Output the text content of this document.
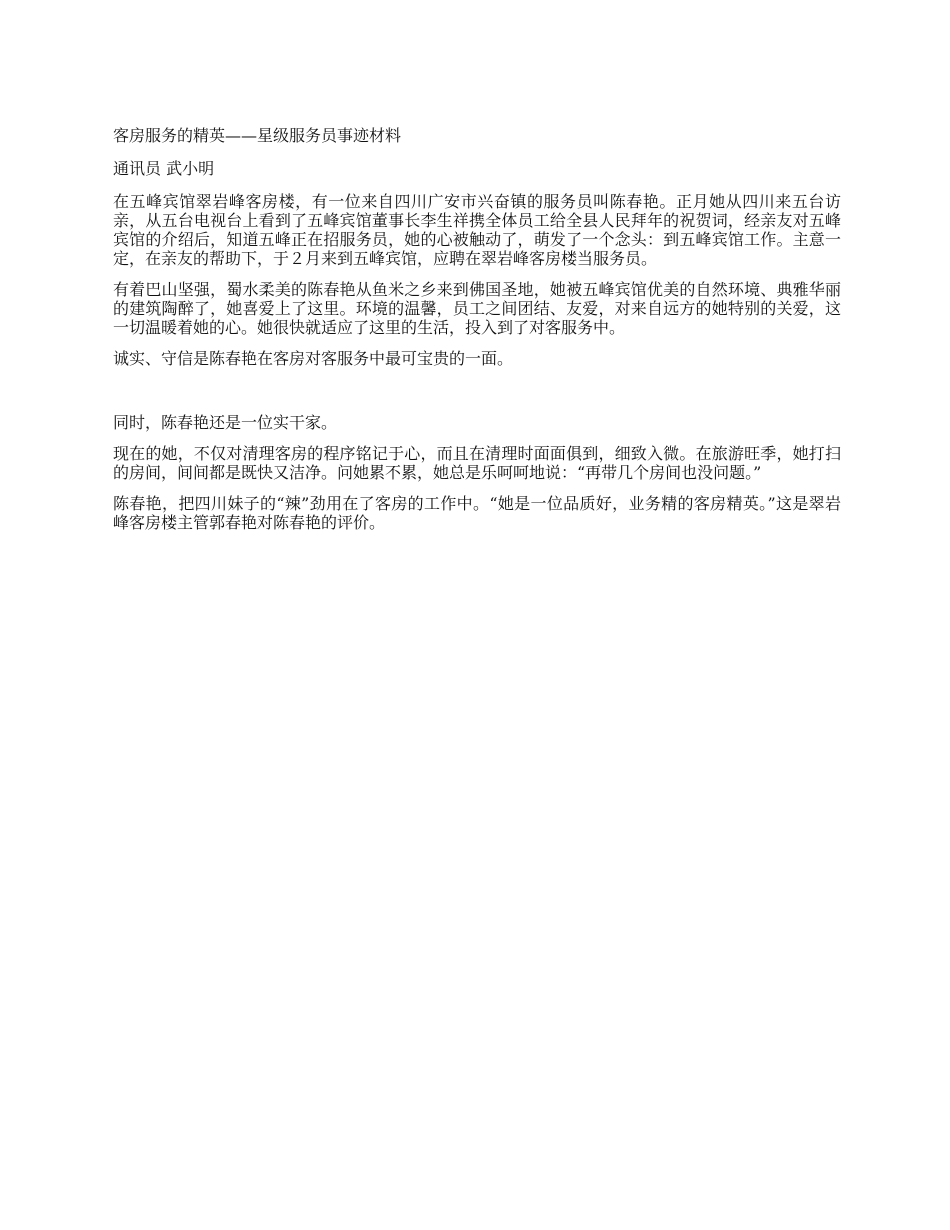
客房服务的精英——星级服务员事迹材料

通讯员 武小明

在五峰宾馆翠岩峰客房楼，有一位来自四川广安市兴奋镇的服务员叫陈春艳。正月她从四川来五台访亲，从五台电视台上看到了五峰宾馆董事长李生祥携全体员工给全县人民拜年的祝贺词，经亲友对五峰宾馆的介绍后，知道五峰正在招服务员，她的心被触动了，萌发了一个念头：到五峰宾馆工作。主意一定，在亲友的帮助下，于２月来到五峰宾馆，应聘在翠岩峰客房楼当服务员。

有着巴山坚强，蜀水柔美的陈春艳从鱼米之乡来到佛国圣地，她被五峰宾馆优美的自然环境、典雅华丽的建筑陶醉了，她喜爱上了这里。环境的温馨，员工之间团结、友爱，对来自远方的她特别的关爱，这一切温暖着她的心。她很快就适应了这里的生活，投入到了对客服务中。

诚实、守信是陈春艳在客房对客服务中最可宝贵的一面。

同时，陈春艳还是一位实干家。

现在的她，不仅对清理客房的程序铭记于心，而且在清理时面面俱到，细致入微。在旅游旺季，她打扫的房间，间间都是既快又洁净。问她累不累，她总是乐呵呵地说：“再带几个房间也没问题。”

陈春艳，把四川妹子的“辣”劲用在了客房的工作中。“她是一位品质好，业务精的客房精英。”这是翠岩峰客房楼主管郭春艳对陈春艳的评价。
